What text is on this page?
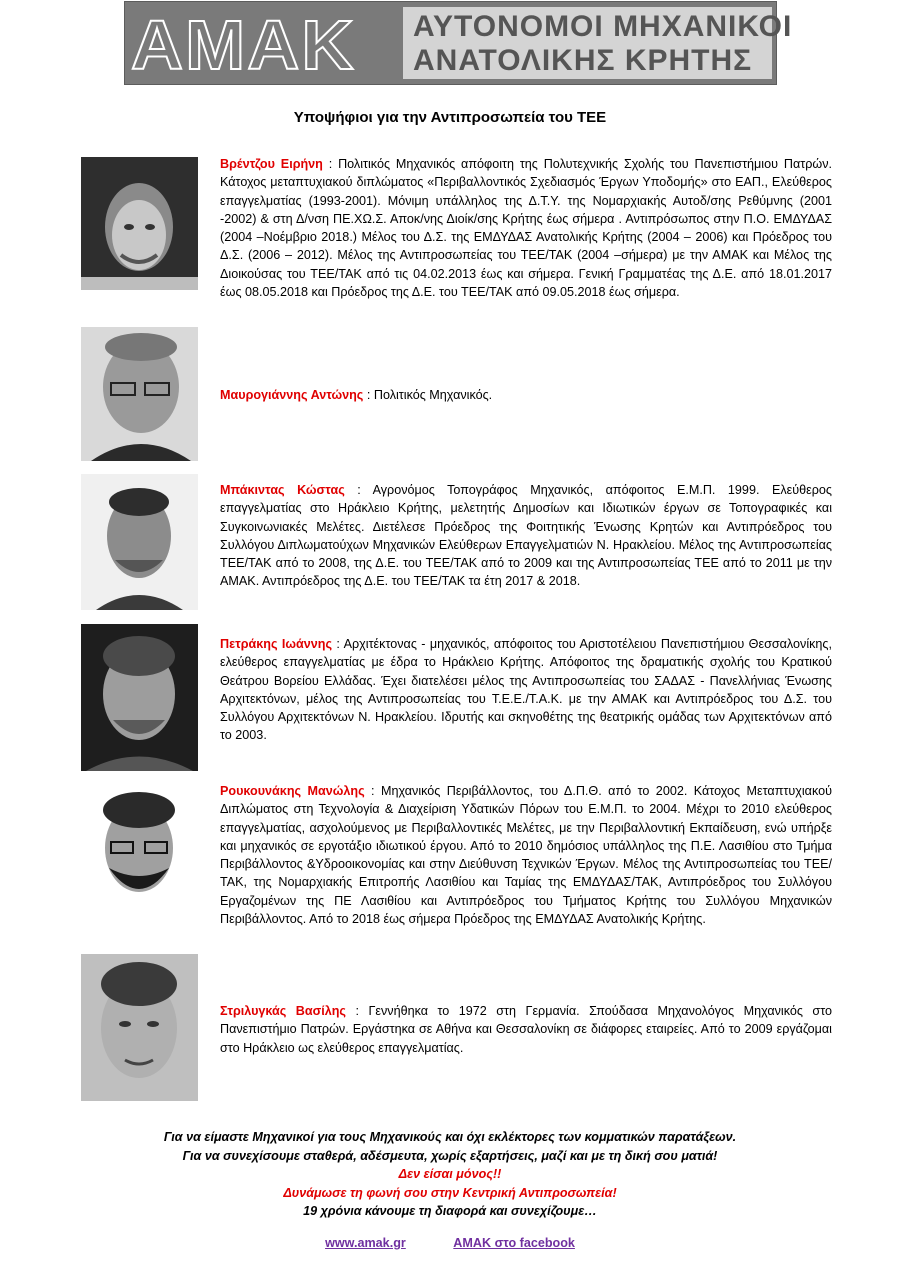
AMAK ΑΥΤΟΝΟΜΟΙ ΜΗΧΑΝΙΚΟΙ
ΑΝΑΤΟΛΙΚΗΣ ΚΡΗΤΗΣ
Υποψήφιοι για την Αντιπροσωπεία του ΤΕΕ
Βρέντζου Ειρήνη : Πολιτικός Μηχανικός απόφοιτη της Πολυτεχνικής Σχολής του Πανεπιστήμιου Πατρών. Κάτοχος μεταπτυχιακού διπλώματος «Περιβαλλοντικός Σχεδιασμός Έργων Υποδομής» στο ΕΑΠ., Ελεύθερος επαγγελματίας (1993-2001). Μόνιμη υπάλληλος της Δ.Τ.Υ. της Νομαρχιακής Αυτοδ/σης Ρεθύμνης (2001 -2002) & στη Δ/νση ΠΕ.ΧΩ.Σ. Αποκ/νης Διοίκ/σης Κρήτης έως σήμερα . Αντιπρόσωπος στην Π.Ο. ΕΜΔΥΔΑΣ (2004 –Νοέμβριο 2018.) Μέλος του Δ.Σ. της ΕΜΔΥΔΑΣ Ανατολικής Κρήτης (2004 – 2006) και Πρόεδρος του Δ.Σ. (2006 – 2012). Μέλος της Αντιπροσωπείας του ΤΕΕ/ΤΑΚ (2004 –σήμερα) με την ΑΜΑΚ και Μέλος της Διοικούσας του ΤΕΕ/ΤΑΚ από τις 04.02.2013 έως και σήμερα. Γενική Γραμματέας της Δ.Ε. από 18.01.2017 έως 08.05.2018 και Πρόεδρος της Δ.Ε. του ΤΕΕ/ΤΑΚ από 09.05.2018 έως σήμερα.
Μαυρογιάννης Αντώνης : Πολιτικός Μηχανικός.
Μπάκιντας Κώστας : Αγρονόμος Τοπογράφος Μηχανικός, απόφοιτος Ε.Μ.Π. 1999. Ελεύθερος επαγγελματίας στο Ηράκλειο Κρήτης, μελετητής Δημοσίων και Ιδιωτικών έργων σε Τοπογραφικές και Συγκοινωνιακές Μελέτες. Διετέλεσε Πρόεδρος της Φοιτητικής Ένωσης Κρητών και Αντιπρόεδρος του Συλλόγου Διπλωματούχων Μηχανικών Ελεύθερων Επαγγελματιών Ν. Ηρακλείου. Μέλος της Αντιπροσωπείας ΤΕΕ/ΤΑΚ από το 2008, της Δ.Ε. του ΤΕΕ/ΤΑΚ από το 2009 και της Αντιπροσωπείας ΤΕΕ από το 2011 με την ΑΜΑΚ. Αντιπρόεδρος της Δ.Ε. του ΤΕΕ/ΤΑΚ τα έτη 2017 & 2018.
Πετράκης Ιωάννης : Αρχιτέκτονας - μηχανικός, απόφοιτος του Αριστοτέλειου Πανεπιστήμιου Θεσσαλονίκης, ελεύθερος επαγγελματίας με έδρα το Ηράκλειο Κρήτης. Απόφοιτος της δραματικής σχολής του Κρατικού Θεάτρου Βορείου Ελλάδας. Έχει διατελέσει μέλος της Αντιπροσωπείας του ΣΑΔΑΣ - Πανελλήνιας Ένωσης Αρχιτεκτόνων, μέλος της Αντιπροσωπείας του Τ.Ε.Ε./Τ.Α.Κ. με την ΑΜΑΚ και Αντιπρόεδρος του Δ.Σ. του Συλλόγου Αρχιτεκτόνων Ν. Ηρακλείου. Ιδρυτής και σκηνοθέτης της θεατρικής ομάδας των Αρχιτεκτόνων από το 2003.
Ρουκουνάκης Μανώλης : Μηχανικός Περιβάλλοντος, του Δ.Π.Θ. από το 2002. Κάτοχος Μεταπτυχιακού Διπλώματος στη Τεχνολογία & Διαχείριση Υδατικών Πόρων του Ε.Μ.Π. το 2004. Μέχρι το 2010 ελεύθερος επαγγελματίας, ασχολούμενος με Περιβαλλοντικές Μελέτες, με την Περιβαλλοντική Εκπαίδευση, ενώ υπήρξε και μηχανικός σε εργοτάξιο ιδιωτικού έργου. Από το 2010 δημόσιος υπάλληλος της Π.Ε. Λασιθίου στο Τμήμα Περιβάλλοντος &Υδροοικονομίας και στην Διεύθυνση Τεχνικών Έργων. Μέλος της Αντιπροσωπείας του ΤΕΕ/ΤΑΚ, της Νομαρχιακής Επιτροπής Λασιθίου και Ταμίας της ΕΜΔΥΔΑΣ/ΤΑΚ, Αντιπρόεδρος του Συλλόγου Εργαζομένων της ΠΕ Λασιθίου και Αντιπρόεδρος του Τμήματος Κρήτης του Συλλόγου Μηχανικών Περιβάλλοντος. Από το 2018 έως σήμερα Πρόεδρος της ΕΜΔΥΔΑΣ Ανατολικής Κρήτης.
Στριλυγκάς Βασίλης : Γεννήθηκα το 1972 στη Γερμανία. Σπούδασα Μηχανολόγος Μηχανικός στο Πανεπιστήμιο Πατρών. Εργάστηκα σε Αθήνα και Θεσσαλονίκη σε διάφορες εταιρείες. Από το 2009 εργάζομαι στο Ηράκλειο ως ελεύθερος επαγγελματίας.
Για να είμαστε Μηχανικοί για τους Μηχανικούς και όχι εκλέκτορες των κομματικών παρατάξεων.
Για να συνεχίσουμε σταθερά, αδέσμευτα, χωρίς εξαρτήσεις, μαζί και με τη δική σου ματιά!
Δεν είσαι μόνος!!
Δυνάμωσε τη φωνή σου στην Κεντρική Αντιπροσωπεία!
19 χρόνια κάνουμε τη διαφορά και συνεχίζουμε…
www.amak.gr	AMAK στο facebook
